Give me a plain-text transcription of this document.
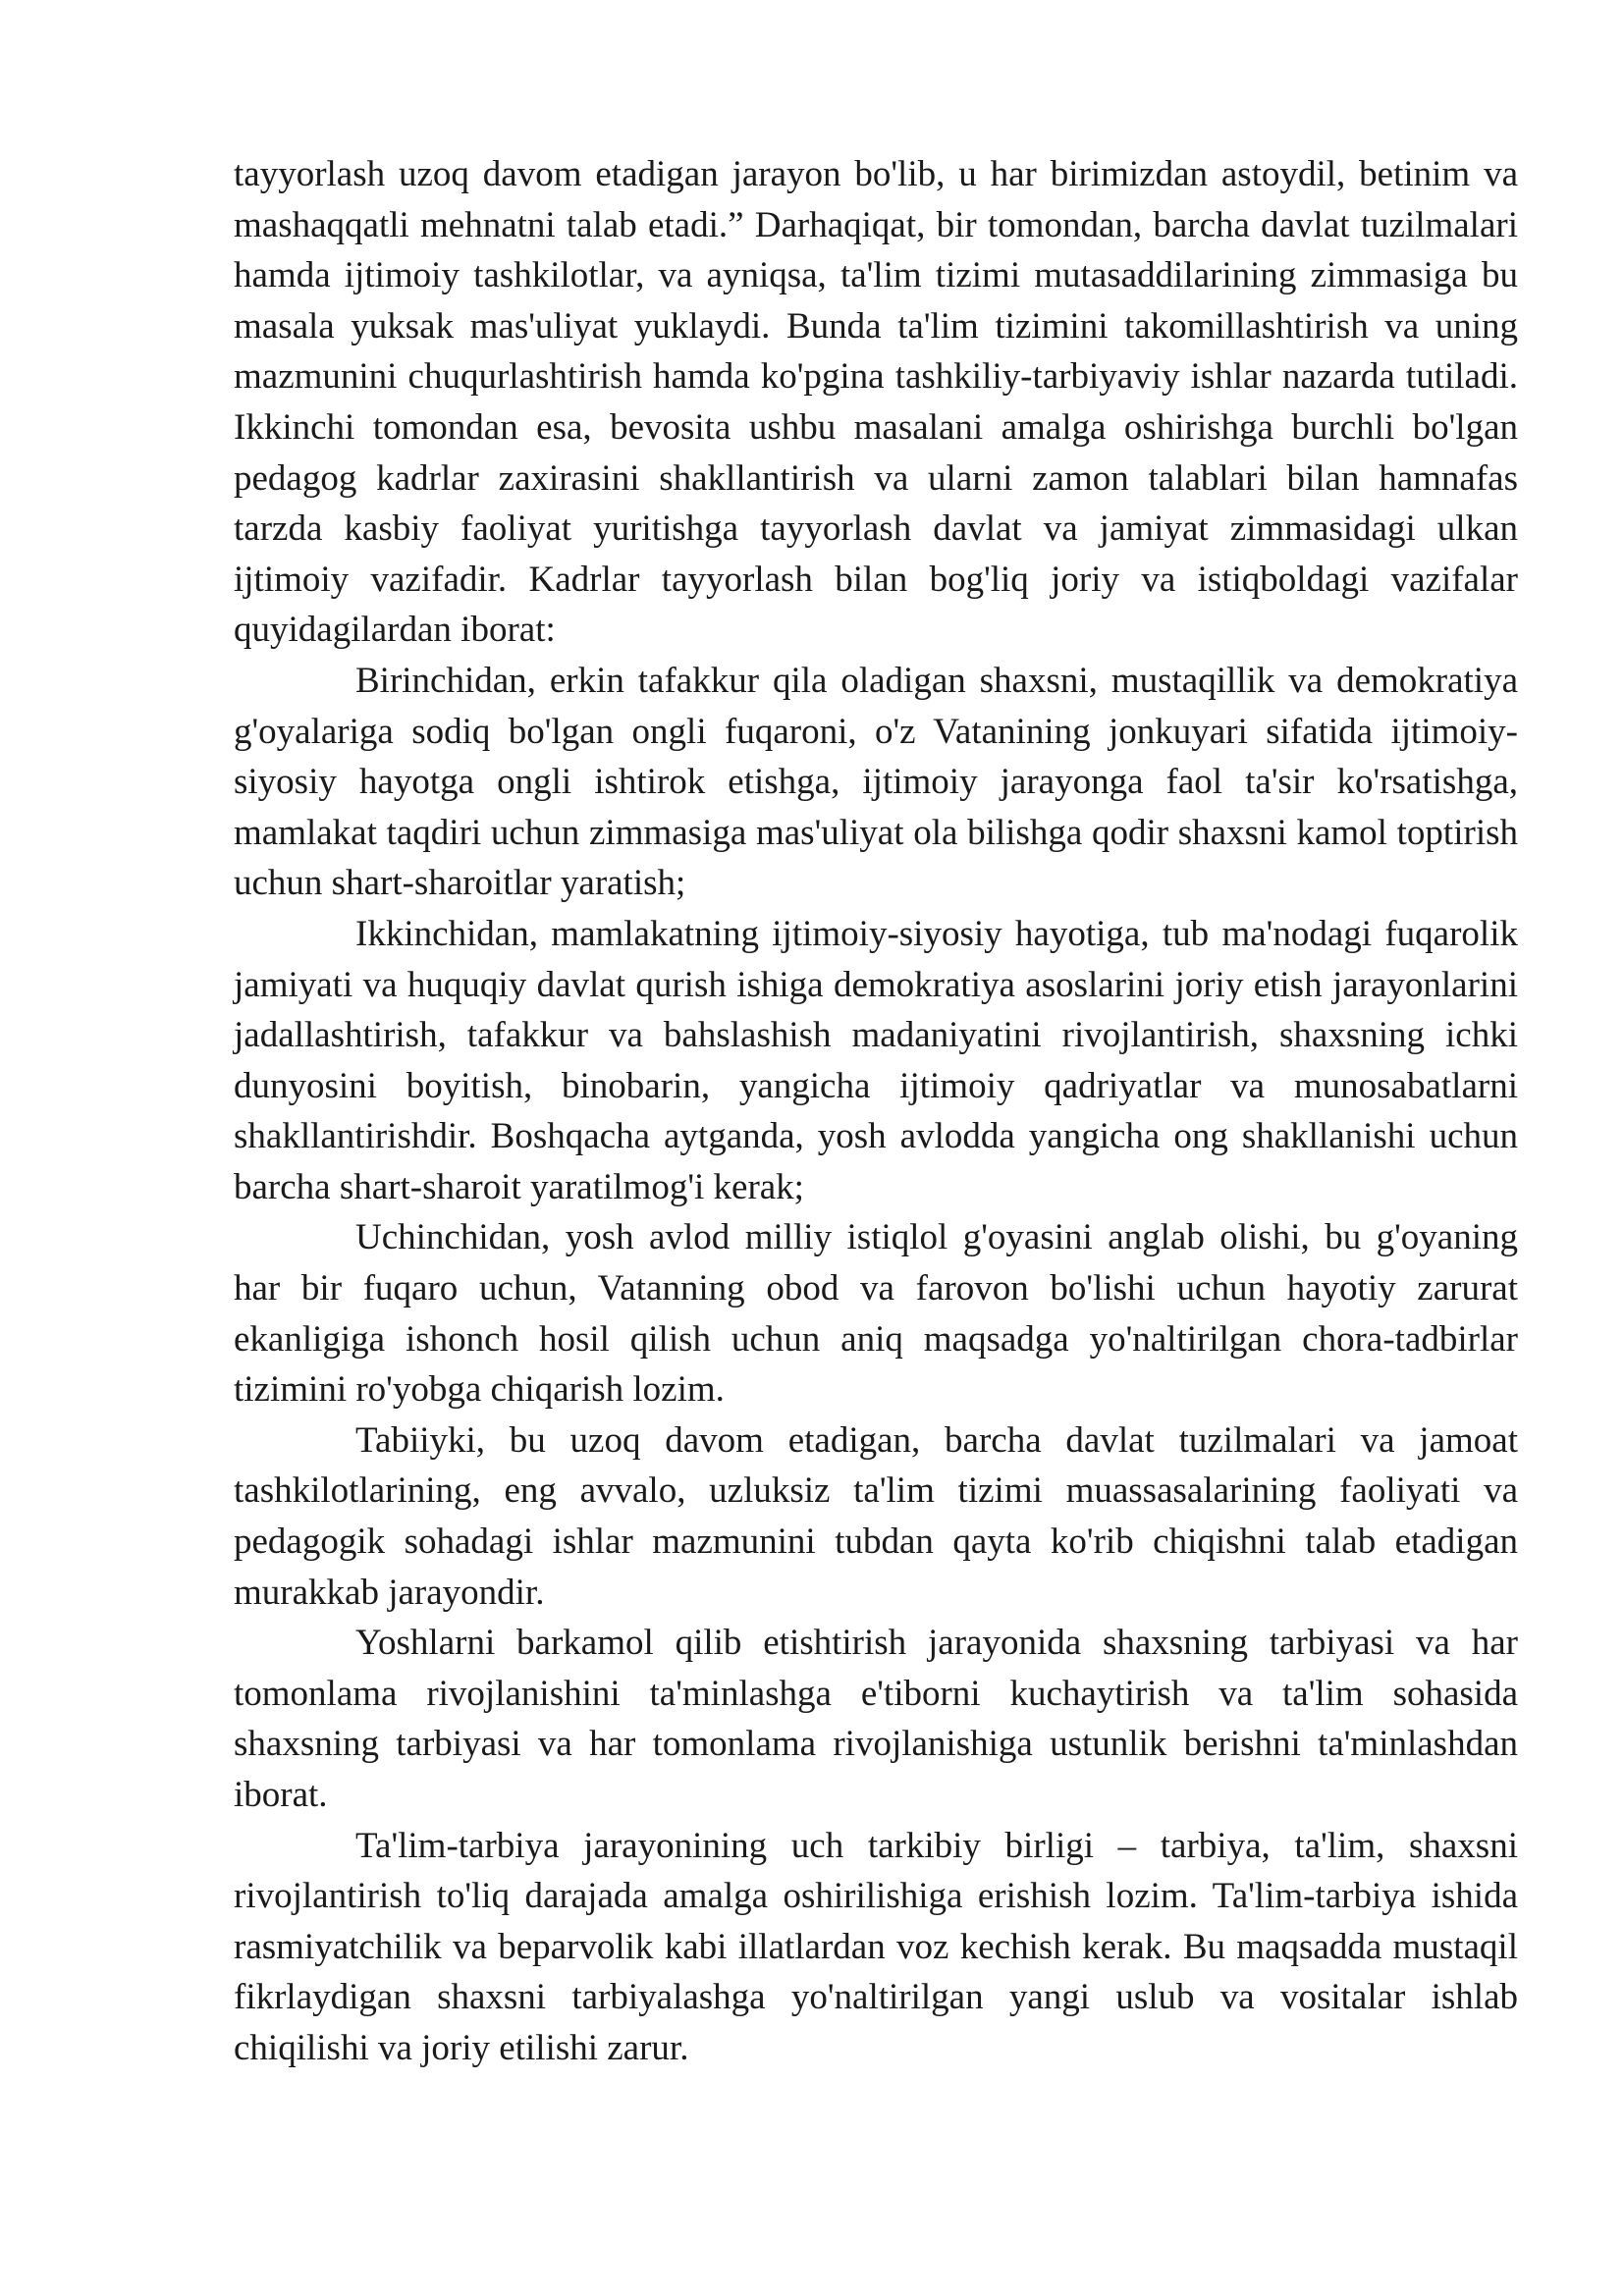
tayyorlash uzoq davom etadigan jarayon bo'lib, u har birimizdan astoydil, betinim va mashaqqatli mehnatni talab etadi.” Darhaqiqat, bir tomondan, barcha davlat tuzilmalari hamda ijtimoiy tashkilotlar, va ayniqsa, ta'lim tizimi mutasaddilarining zimmasiga bu masala yuksak mas'uliyat yuklaydi. Bunda ta'lim tizimini takomillashtirish va uning mazmunini chuqurlashtirish hamda ko'pgina tashkiliy-tarbiyaviy ishlar nazarda tutiladi. Ikkinchi tomondan esa, bevosita ushbu masalani amalga oshirishga burchli bo'lgan pedagog kadrlar zaxirasini shakllantirish va ularni zamon talablari bilan hamnafas tarzda kasbiy faoliyat yuritishga tayyorlash davlat va jamiyat zimmasidagi ulkan ijtimoiy vazifadir. Kadrlar tayyorlash bilan bog'liq joriy va istiqboldagi vazifalar quyidagilardan iborat:

Birinchidan, erkin tafakkur qila oladigan shaxsni, mustaqillik va demokratiya g'oyalariga sodiq bo'lgan ongli fuqaroni, o'z Vatanining jonkuyari sifatida ijtimoiy-siyosiy hayotga ongli ishtirok etishga, ijtimoiy jarayonga faol ta'sir ko'rsatishga, mamlakat taqdiri uchun zimmasiga mas'uliyat ola bilishga qodir shaxsni kamol toptirish uchun shart-sharoitlar yaratish;

Ikkinchidan, mamlakatning ijtimoiy-siyosiy hayotiga, tub ma'nodagi fuqarolik jamiyati va huquqiy davlat qurish ishiga demokratiya asoslarini joriy etish jarayonlarini jadallashtirish, tafakkur va bahslashish madaniyatini rivojlantirish, shaxsning ichki dunyosini boyitish, binobarin, yangicha ijtimoiy qadriyatlar va munosabatlarni shakllantirishdir. Boshqacha aytganda, yosh avlodda yangicha ong shakllanishi uchun barcha shart-sharoit yaratilmog'i kerak;

Uchinchidan, yosh avlod milliy istiqlol g'oyasini anglab olishi, bu g'oyaning har bir fuqaro uchun, Vatanning obod va farovon bo'lishi uchun hayotiy zarurat ekanligiga ishonch hosil qilish uchun aniq maqsadga yo'naltirilgan chora-tadbirlar tizimini ro'yobga chiqarish lozim.

Tabiiyki, bu uzoq davom etadigan, barcha davlat tuzilmalari va jamoat tashkilotlarining, eng avvalo, uzluksiz ta'lim tizimi muassasalarining faoliyati va pedagogik sohadagi ishlar mazmunini tubdan qayta ko'rib chiqishni talab etadigan murakkab jarayondir.

Yoshlarni barkamol qilib etishtirish jarayonida shaxsning tarbiyasi va har tomonlama rivojlanishini ta'minlashga e'tiborni kuchaytirish va ta'lim sohasida shaxsning tarbiyasi va har tomonlama rivojlanishiga ustunlik berishni ta'minlashdan iborat.

Ta'lim-tarbiya jarayonining uch tarkibiy birligi – tarbiya, ta'lim, shaxsni rivojlantirish to'liq darajada amalga oshirilishiga erishish lozim. Ta'lim-tarbiya ishida rasmiyatchilik va beparvolik kabi illatlardan voz kechish kerak. Bu maqsadda mustaqil fikrlaydigan shaxsni tarbiyalashga yo'naltirilgan yangi uslub va vositalar ishlab chiqilishi va joriy etilishi zarur.
